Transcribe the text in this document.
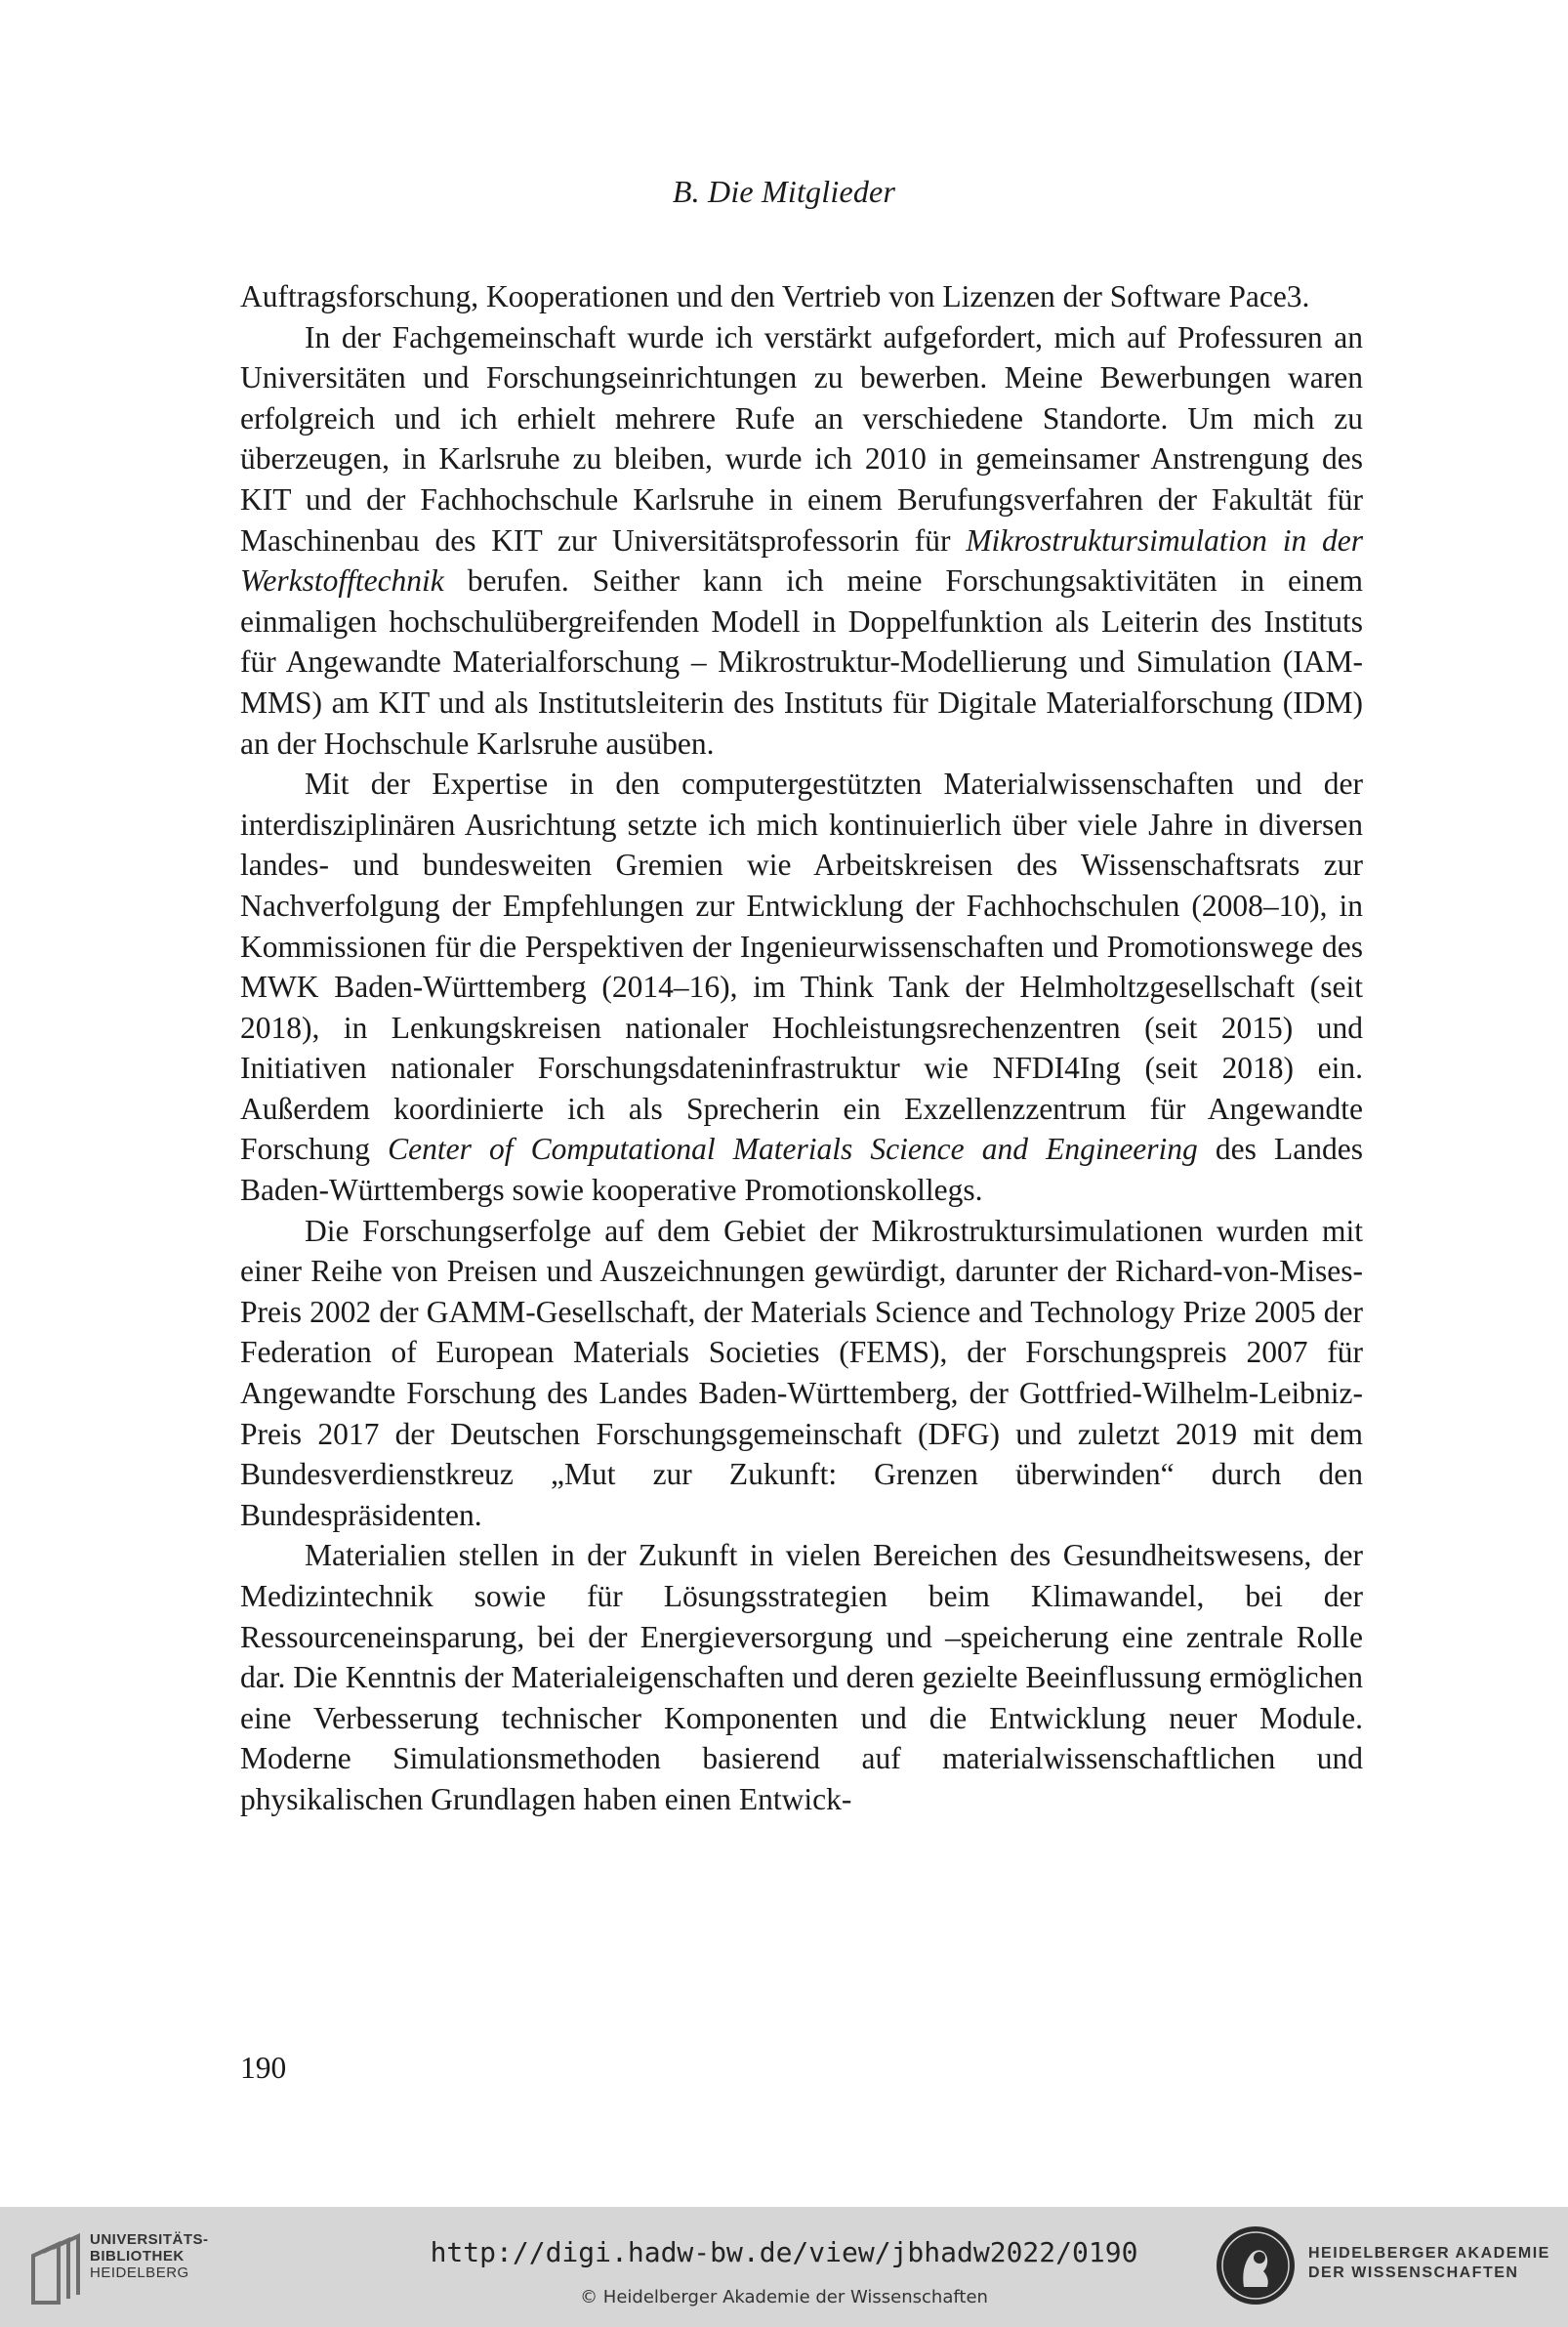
B. Die Mitglieder

Auftragsforschung, Kooperationen und den Vertrieb von Lizenzen der Software Pace3.

In der Fachgemeinschaft wurde ich verstärkt aufgefordert, mich auf Professuren an Universitäten und Forschungseinrichtungen zu bewerben. Meine Bewerbungen waren erfolgreich und ich erhielt mehrere Rufe an verschiedene Standorte. Um mich zu überzeugen, in Karlsruhe zu bleiben, wurde ich 2010 in gemeinsamer Anstrengung des KIT und der Fachhochschule Karlsruhe in einem Berufungsverfahren der Fakultät für Maschinenbau des KIT zur Universitätsprofessorin für Mikrostruktursimulation in der Werkstofftechnik berufen. Seither kann ich meine Forschungsaktivitäten in einem einmaligen hochschulübergreifenden Modell in Doppelfunktion als Leiterin des Instituts für Angewandte Materialforschung – Mikrostruktur-Modellierung und Simulation (IAM-MMS) am KIT und als Institutsleiterin des Instituts für Digitale Materialforschung (IDM) an der Hochschule Karlsruhe ausüben.

Mit der Expertise in den computergestützten Materialwissenschaften und der interdisziplinären Ausrichtung setzte ich mich kontinuierlich über viele Jahre in diversen landes- und bundesweiten Gremien wie Arbeitskreisen des Wissenschaftsrats zur Nachverfolgung der Empfehlungen zur Entwicklung der Fachhochschulen (2008–10), in Kommissionen für die Perspektiven der Ingenieurwissenschaften und Promotionswege des MWK Baden-Württemberg (2014–16), im Think Tank der Helmholtzgesellschaft (seit 2018), in Lenkungskreisen nationaler Hochleistungsrechenzentren (seit 2015) und Initiativen nationaler Forschungsdateninfrastruktur wie NFDI4Ing (seit 2018) ein. Außerdem koordinierte ich als Sprecherin ein Exzellenzzentrum für Angewandte Forschung Center of Computational Materials Science and Engineering des Landes Baden-Württembergs sowie kooperative Promotionskollegs.

Die Forschungserfolge auf dem Gebiet der Mikrostruktursimulationen wurden mit einer Reihe von Preisen und Auszeichnungen gewürdigt, darunter der Richard-von-Mises-Preis 2002 der GAMM-Gesellschaft, der Materials Science and Technology Prize 2005 der Federation of European Materials Societies (FEMS), der Forschungspreis 2007 für Angewandte Forschung des Landes Baden-Württemberg, der Gottfried-Wilhelm-Leibniz-Preis 2017 der Deutschen Forschungsgemeinschaft (DFG) und zuletzt 2019 mit dem Bundesverdienstkreuz „Mut zur Zukunft: Grenzen überwinden“ durch den Bundespräsidenten.

Materialien stellen in der Zukunft in vielen Bereichen des Gesundheitswesens, der Medizintechnik sowie für Lösungsstrategien beim Klimawandel, bei der Ressourceneinsparung, bei der Energieversorgung und –speicherung eine zentrale Rolle dar. Die Kenntnis der Materialeigenschaften und deren gezielte Beeinflussung ermöglichen eine Verbesserung technischer Komponenten und die Entwicklung neuer Module. Moderne Simulationsmethoden basierend auf materialwissenschaftlichen und physikalischen Grundlagen haben einen Entwick-

190
UNIVERSITÄTS-
BIBLIOTHEK
HEIDELBERG
http://digi.hadw-bw.de/view/jbhadw2022/0190
© Heidelberger Akademie der Wissenschaften
HEIDELBERGER AKADEMIE
DER WISSENSCHAFTEN
